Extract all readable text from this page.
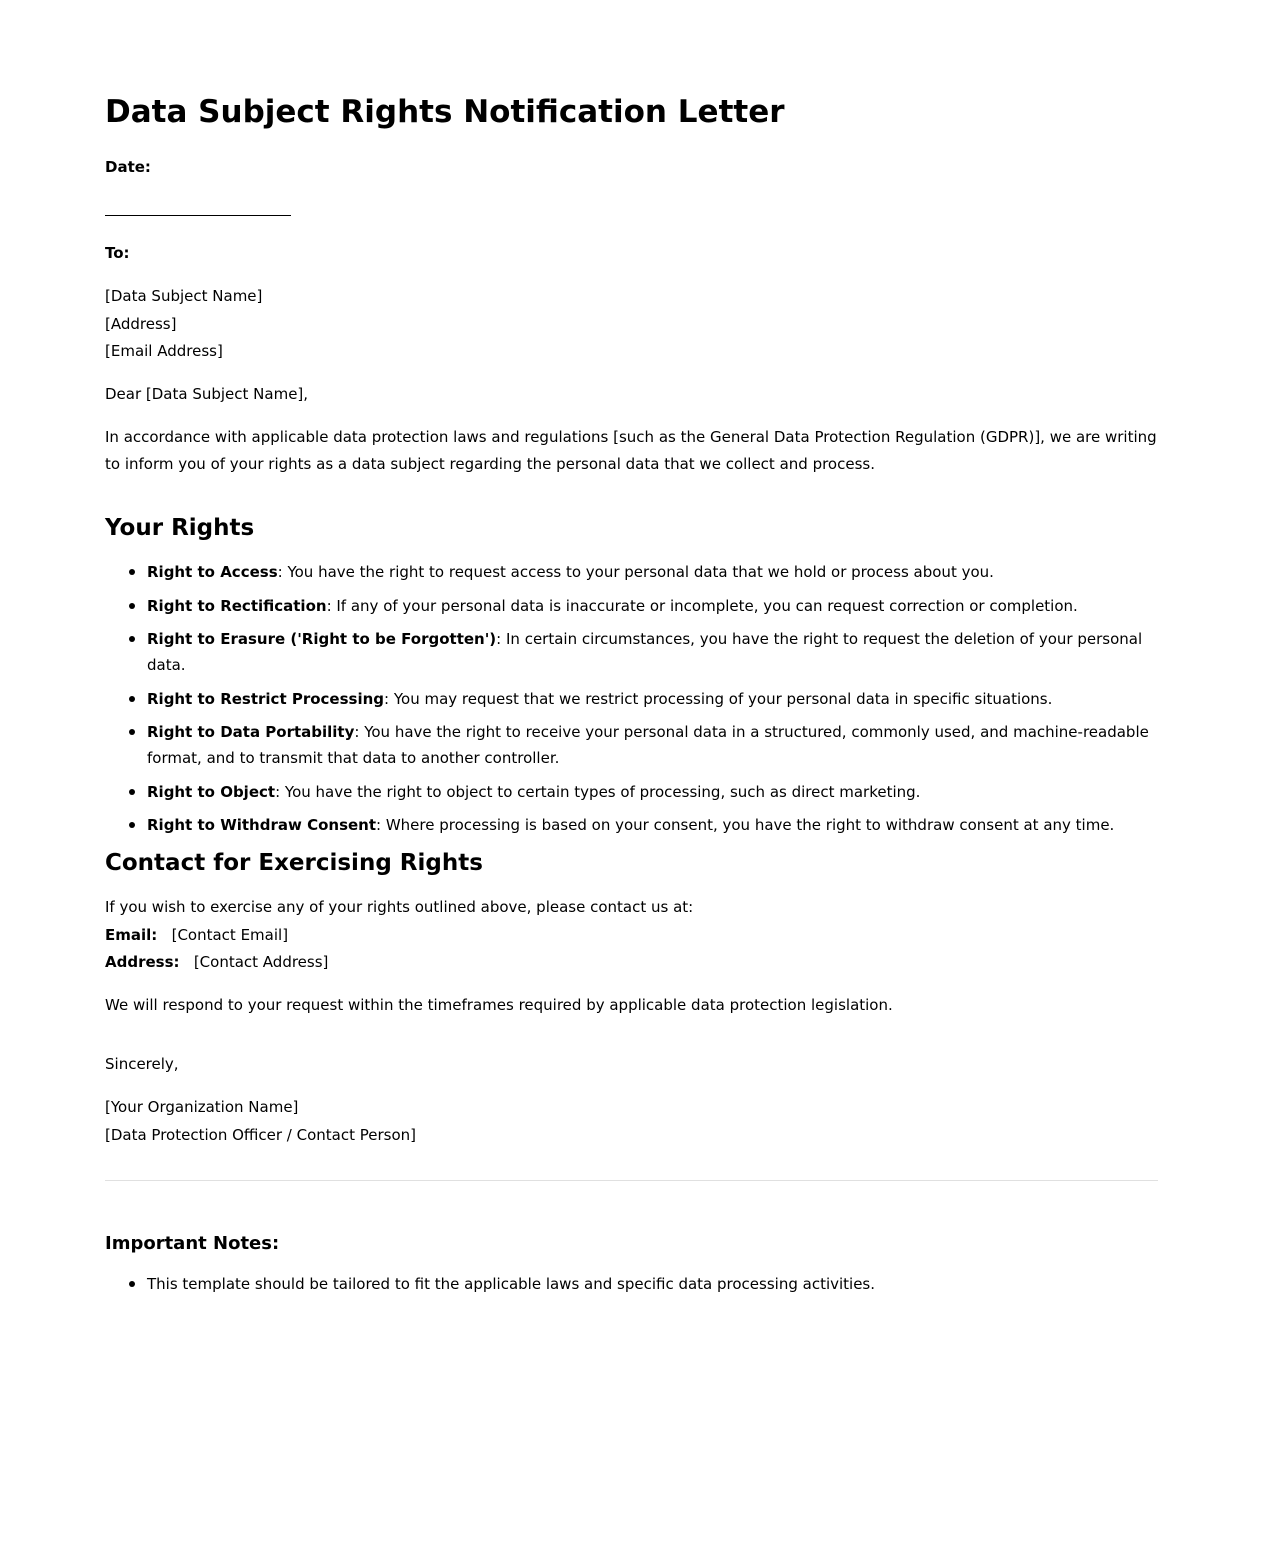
Data Subject Rights Notification Letter
Date:
To:
[Data Subject Name]
[Address]
[Email Address]
Dear [Data Subject Name],

In accordance with applicable data protection laws and regulations [such as the General Data Protection Regulation (GDPR)], we are writing to inform you of your rights as a data subject regarding the personal data that we collect and process.

Your Rights
Right to Access: You have the right to request access to your personal data that we hold or process about you.
Right to Rectification: If any of your personal data is inaccurate or incomplete, you can request correction or completion.
Right to Erasure ('Right to be Forgotten'): In certain circumstances, you have the right to request the deletion of your personal data.
Right to Restrict Processing: You may request that we restrict processing of your personal data in specific situations.
Right to Data Portability: You have the right to receive your personal data in a structured, commonly used, and machine-readable format, and to transmit that data to another controller.
Right to Object: You have the right to object to certain types of processing, such as direct marketing.
Right to Withdraw Consent: Where processing is based on your consent, you have the right to withdraw consent at any time.
Contact for Exercising Rights
If you wish to exercise any of your rights outlined above, please contact us at:
Email: [Contact Email]
Address: [Contact Address]
We will respond to your request within the timeframes required by applicable data protection legislation.
Sincerely,
[Your Organization Name]
[Data Protection Officer / Contact Person]
Important Notes:
This template should be tailored to fit the applicable laws and specific data processing activities.
